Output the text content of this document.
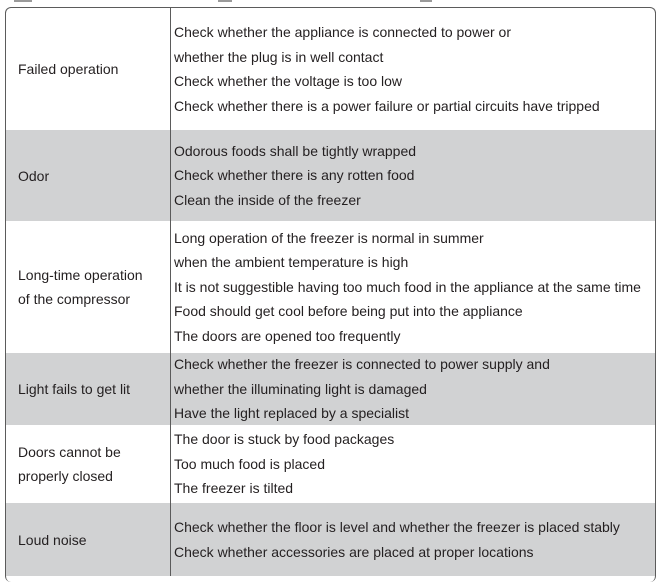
Failed operation
Check whether the appliance is connected to power or
whether the plug is in well contact
Check whether the voltage is too low
Check whether there is a power failure or partial circuits have tripped
Odor
Odorous foods shall be tightly wrapped
Check whether there is any rotten food
Clean the inside of the freezer
Long-time operation
of the compressor
Long operation of the freezer is normal in summer
when the ambient temperature is high
It is not suggestible having too much food in the appliance at the same time
Food should get cool before being put into the appliance
The doors are opened too frequently
Light fails to get lit
Check whether the freezer is connected to power supply and
whether the illuminating light is damaged
Have the light replaced by a specialist
Doors cannot be
properly closed
The door is stuck by food packages
Too much food is placed
The freezer is tilted
Loud noise
Check whether the floor is level and whether the freezer is placed stably
Check whether accessories are placed at proper locations
